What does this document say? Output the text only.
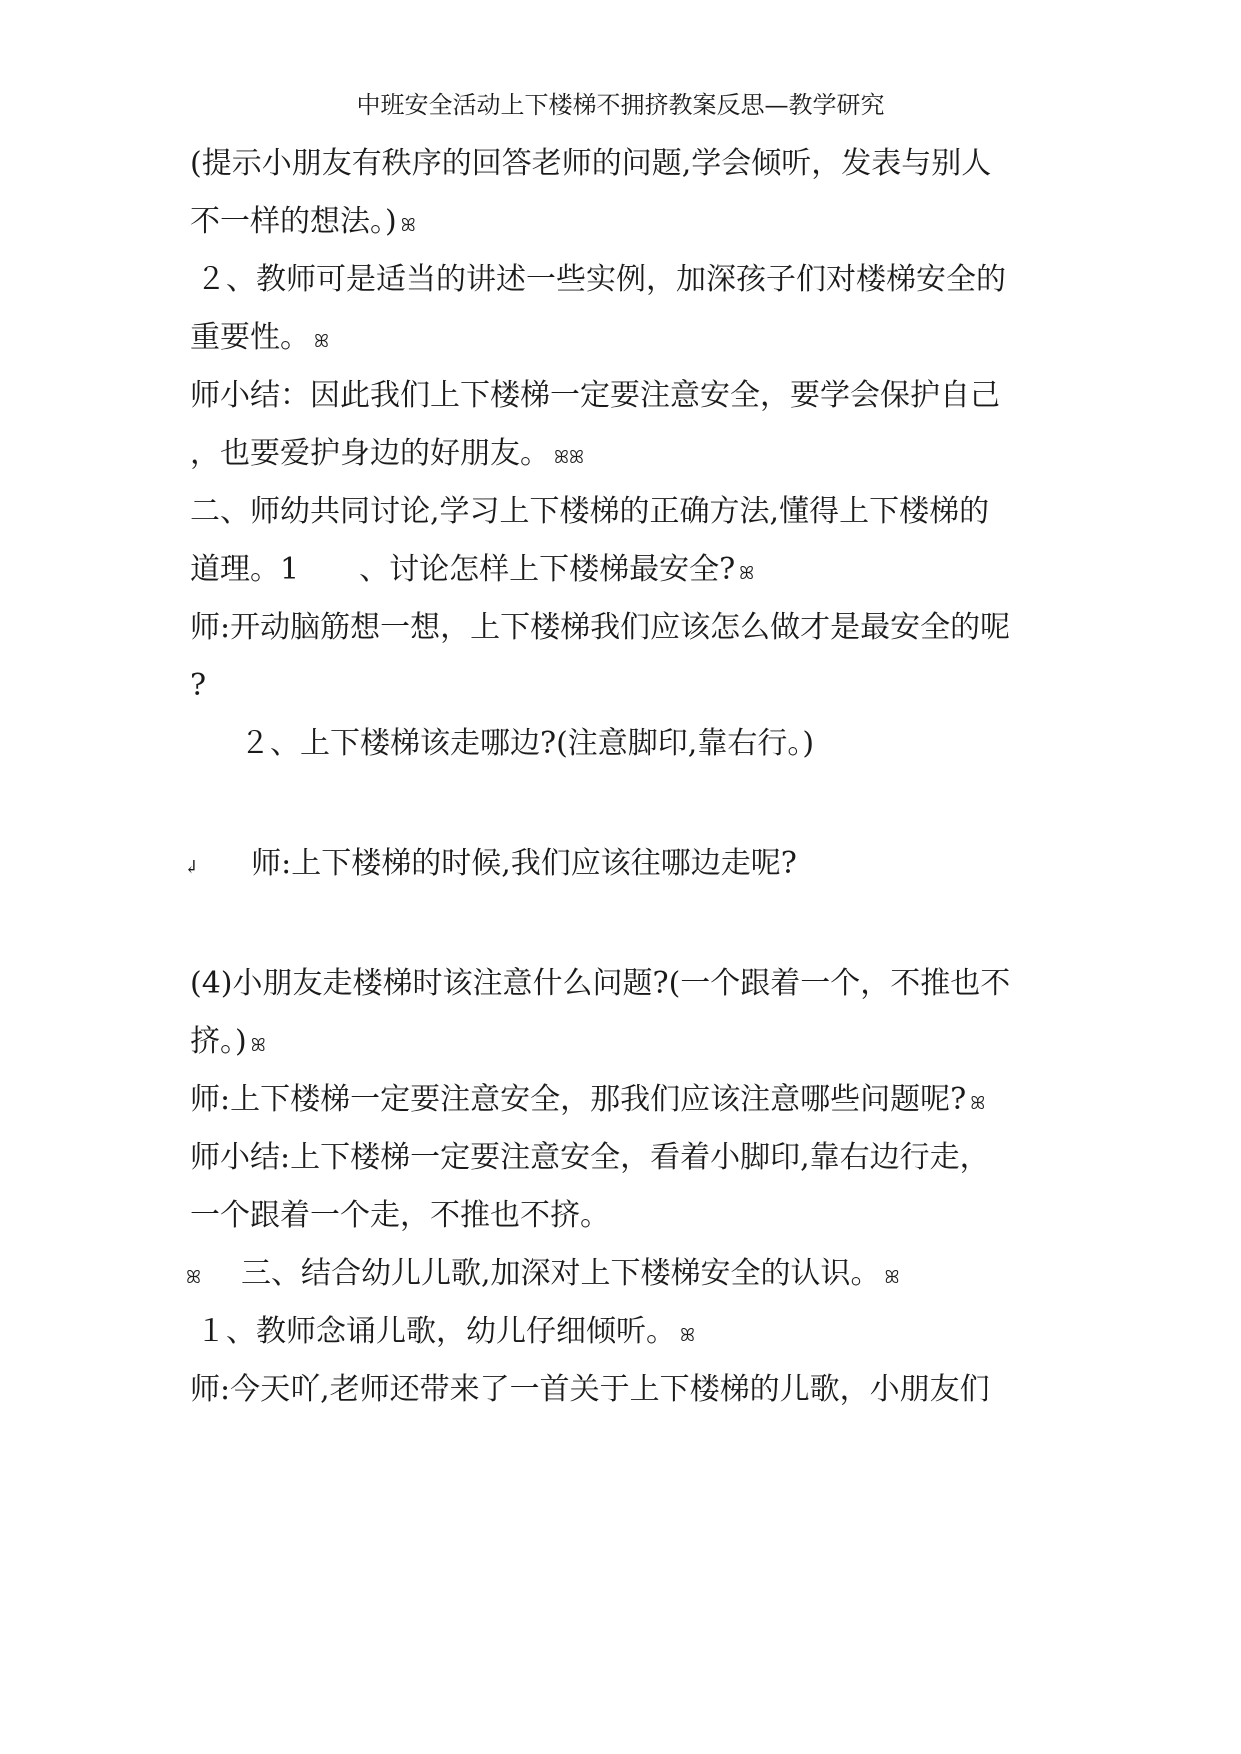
中班安全活动上下楼梯不拥挤教案反思—教学研究
(提示小朋友有秩序的回答老师的问题,学会倾听，发表与别人
不一样的想法。) ꕤ
２、教师可是适当的讲述一些实例，加深孩子们对楼梯安全的
重要性。 ꕤ
师小结：因此我们上下楼梯一定要注意安全，要学会保护自己
，也要爱护身边的好朋友。 ꕤꕤ
二、师幼共同讨论,学习上下楼梯的正确方法,懂得上下楼梯的
道理。1　　、讨论怎样上下楼梯最安全? ꕤ
师:开动脑筋想一想，上下楼梯我们应该怎么做才是最安全的呢
?
２、上下楼梯该走哪边?(注意脚印,靠右行。)
↲ 师:上下楼梯的时候,我们应该往哪边走呢?
(4)小朋友走楼梯时该注意什么问题?(一个跟着一个，不推也不
挤。) ꕤ
师:上下楼梯一定要注意安全，那我们应该注意哪些问题呢? ꕤ
师小结:上下楼梯一定要注意安全，看着小脚印,靠右边行走，
一个跟着一个走，不推也不挤。
ꕤ 三、结合幼儿儿歌,加深对上下楼梯安全的认识。 ꕤ
１、教师念诵儿歌，幼儿仔细倾听。 ꕤ
师:今天吖,老师还带来了一首关于上下楼梯的儿歌，小朋友们
